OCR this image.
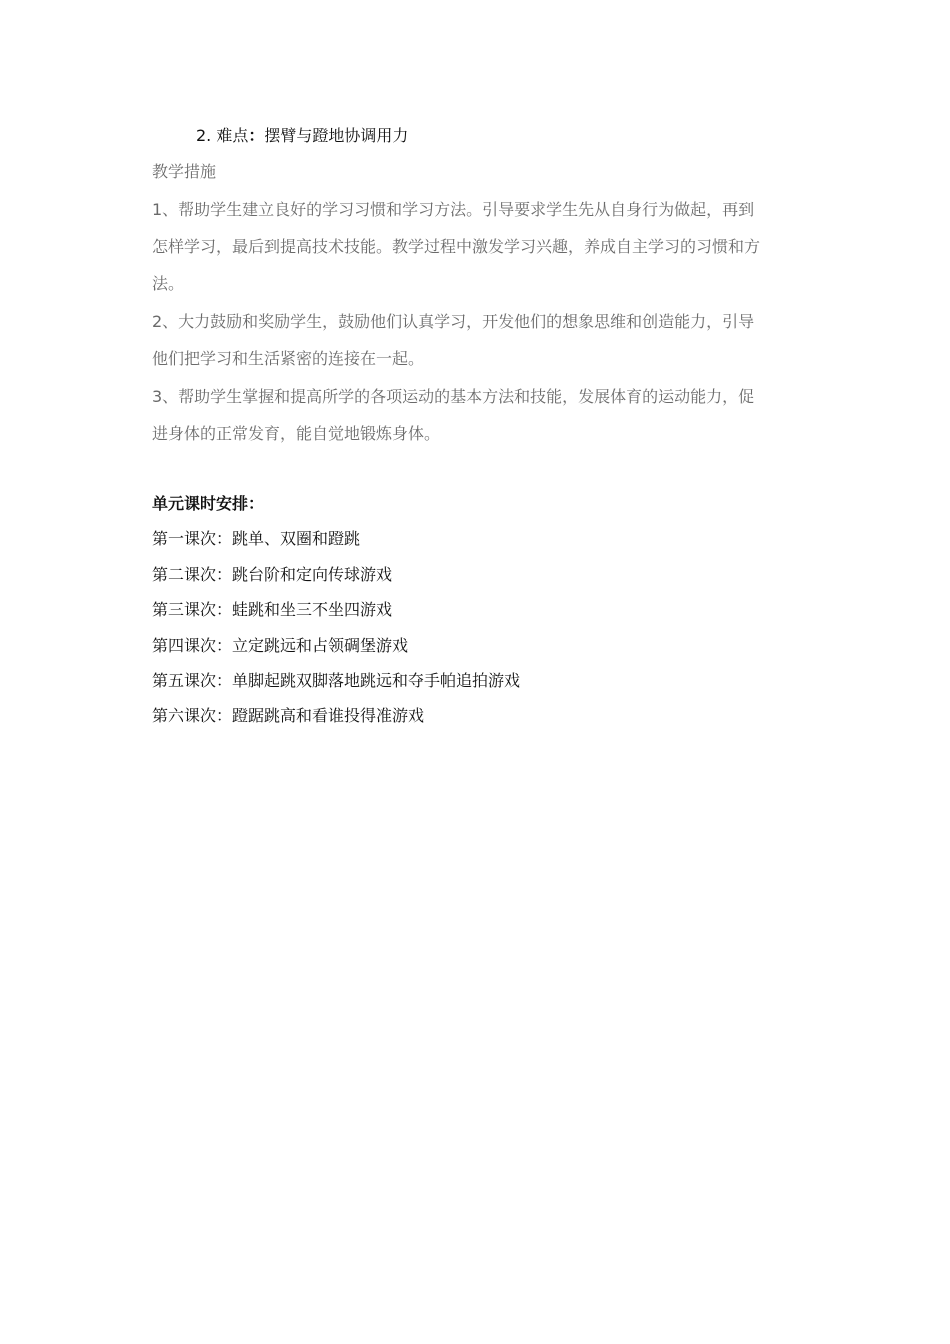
2. 难点：摆臂与蹬地协调用力
教学措施
1、帮助学生建立良好的学习习惯和学习方法。引导要求学生先从自身行为做起，再到
怎样学习，最后到提高技术技能。教学过程中激发学习兴趣，养成自主学习的习惯和方
法。
2、大力鼓励和奖励学生，鼓励他们认真学习，开发他们的想象思维和创造能力，引导
他们把学习和生活紧密的连接在一起。
3、帮助学生掌握和提高所学的各项运动的基本方法和技能，发展体育的运动能力，促
进身体的正常发育，能自觉地锻炼身体。
单元课时安排：
第一课次：跳单、双圈和蹬跳
第二课次：跳台阶和定向传球游戏
第三课次：蛙跳和坐三不坐四游戏
第四课次：立定跳远和占领碉堡游戏
第五课次：单脚起跳双脚落地跳远和夺手帕追拍游戏
第六课次：蹬踞跳高和看谁投得准游戏
